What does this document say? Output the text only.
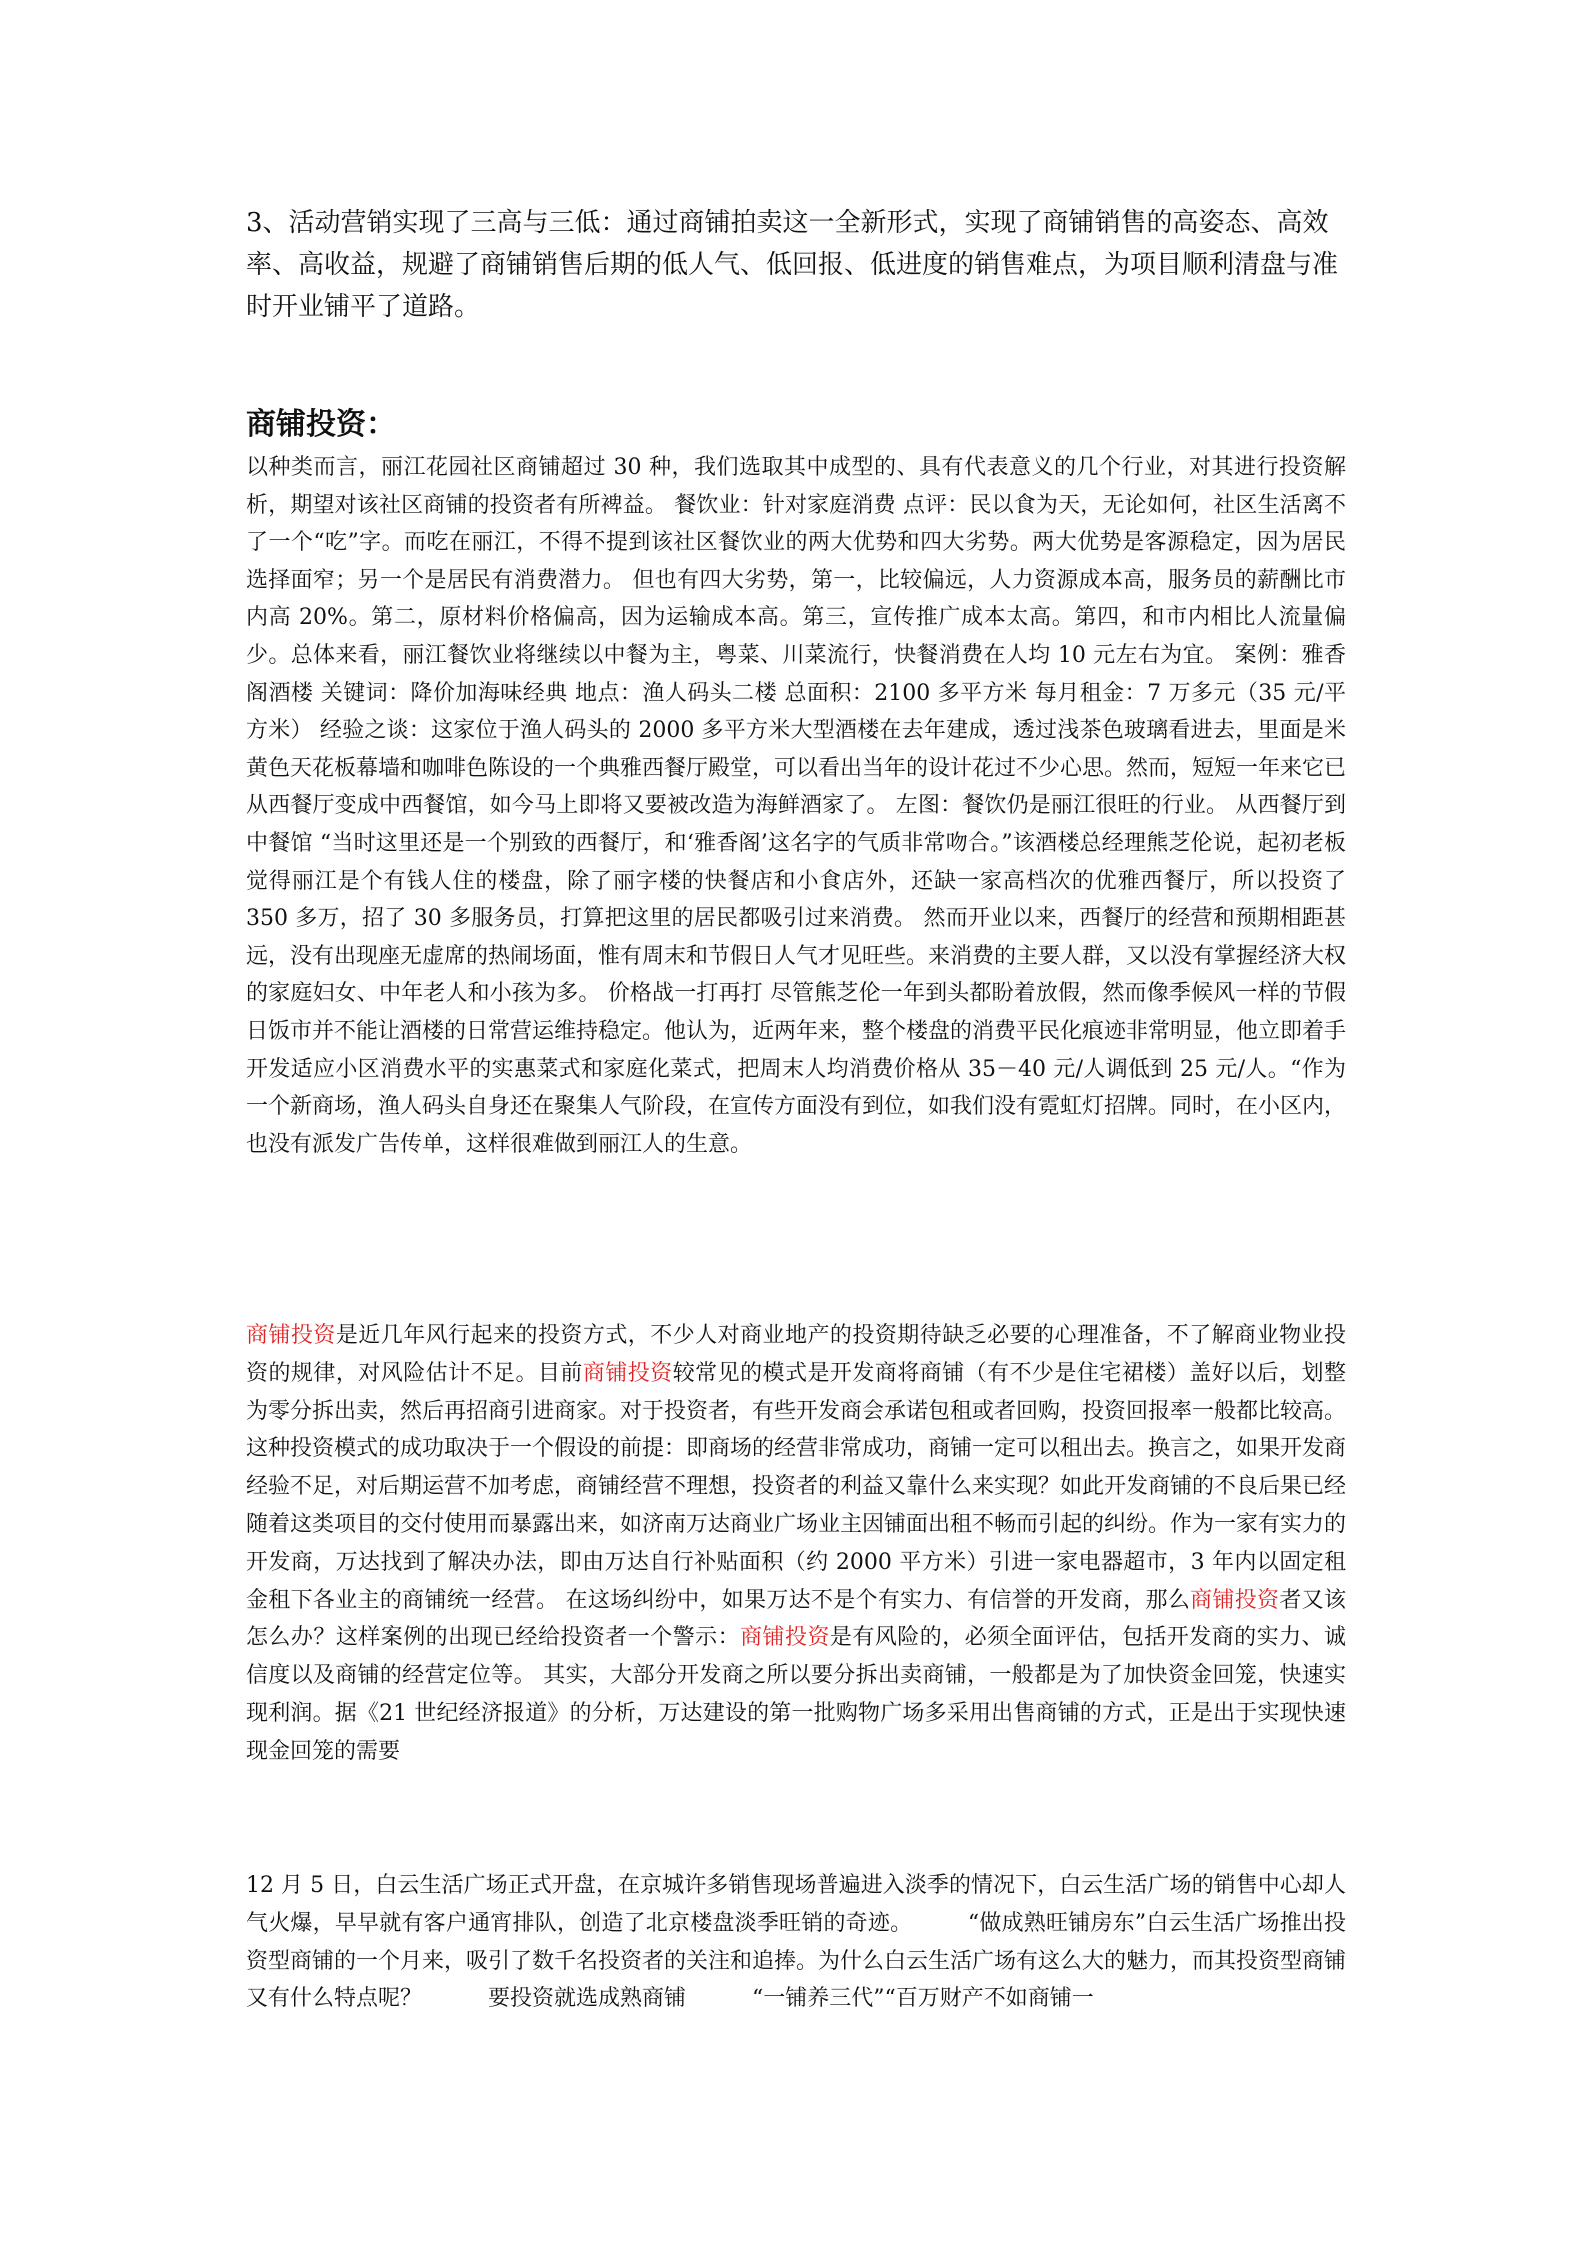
3、活动营销实现了三高与三低：通过商铺拍卖这一全新形式，实现了商铺销售的高姿态、高效率、高收益，规避了商铺销售后期的低人气、低回报、低进度的销售难点，为项目顺利清盘与准时开业铺平了道路。

商铺投资：

以种类而言，丽江花园社区商铺超过 30 种，我们选取其中成型的、具有代表意义的几个行业，对其进行投资解析，期望对该社区商铺的投资者有所裨益。 餐饮业：针对家庭消费 点评：民以食为天，无论如何，社区生活离不了一个“吃”字。而吃在丽江，不得不提到该社区餐饮业的两大优势和四大劣势。两大优势是客源稳定，因为居民选择面窄；另一个是居民有消费潜力。 但也有四大劣势，第一，比较偏远，人力资源成本高，服务员的薪酬比市内高 20%。第二，原材料价格偏高，因为运输成本高。第三，宣传推广成本太高。第四，和市内相比人流量偏少。总体来看，丽江餐饮业将继续以中餐为主，粤菜、川菜流行，快餐消费在人均 10 元左右为宜。 案例：雅香阁酒楼 关键词：降价加海味经典 地点：渔人码头二楼 总面积：2100 多平方米 每月租金：7 万多元（35 元/平方米） 经验之谈：这家位于渔人码头的 2000 多平方米大型酒楼在去年建成，透过浅茶色玻璃看进去，里面是米黄色天花板幕墙和咖啡色陈设的一个典雅西餐厅殿堂，可以看出当年的设计花过不少心思。然而，短短一年来它已从西餐厅变成中西餐馆，如今马上即将又要被改造为海鲜酒家了。 左图：餐饮仍是丽江很旺的行业。 从西餐厅到中餐馆 “当时这里还是一个别致的西餐厅，和‘雅香阁’这名字的气质非常吻合。”该酒楼总经理熊芝伦说，起初老板觉得丽江是个有钱人住的楼盘，除了丽字楼的快餐店和小食店外，还缺一家高档次的优雅西餐厅，所以投资了 350 多万，招了 30 多服务员，打算把这里的居民都吸引过来消费。 然而开业以来，西餐厅的经营和预期相距甚远，没有出现座无虚席的热闹场面，惟有周末和节假日人气才见旺些。来消费的主要人群，又以没有掌握经济大权的家庭妇女、中年老人和小孩为多。 价格战一打再打 尽管熊芝伦一年到头都盼着放假，然而像季候风一样的节假日饭市并不能让酒楼的日常营运维持稳定。他认为，近两年来，整个楼盘的消费平民化痕迹非常明显，他立即着手开发适应小区消费水平的实惠菜式和家庭化菜式，把周末人均消费价格从 35－40 元/人调低到 25 元/人。“作为一个新商场，渔人码头自身还在聚集人气阶段，在宣传方面没有到位，如我们没有霓虹灯招牌。同时，在小区内，也没有派发广告传单，这样很难做到丽江人的生意。

商铺投资是近几年风行起来的投资方式，不少人对商业地产的投资期待缺乏必要的心理准备，不了解商业物业投资的规律，对风险估计不足。目前商铺投资较常见的模式是开发商将商铺（有不少是住宅裙楼）盖好以后，划整为零分拆出卖，然后再招商引进商家。对于投资者，有些开发商会承诺包租或者回购，投资回报率一般都比较高。 这种投资模式的成功取决于一个假设的前提：即商场的经营非常成功，商铺一定可以租出去。换言之，如果开发商经验不足，对后期运营不加考虑，商铺经营不理想，投资者的利益又靠什么来实现？如此开发商铺的不良后果已经随着这类项目的交付使用而暴露出来，如济南万达商业广场业主因铺面出租不畅而引起的纠纷。作为一家有实力的开发商，万达找到了解决办法，即由万达自行补贴面积（约 2000 平方米）引进一家电器超市，3 年内以固定租金租下各业主的商铺统一经营。 在这场纠纷中，如果万达不是个有实力、有信誉的开发商，那么商铺投资者又该怎么办？这样案例的出现已经给投资者一个警示：商铺投资是有风险的，必须全面评估，包括开发商的实力、诚信度以及商铺的经营定位等。 其实，大部分开发商之所以要分拆出卖商铺，一般都是为了加快资金回笼，快速实现利润。据《21 世纪经济报道》的分析，万达建设的第一批购物广场多采用出售商铺的方式，正是出于实现快速现金回笼的需要

12 月 5 日，白云生活广场正式开盘，在京城许多销售现场普遍进入淡季的情况下，白云生活广场的销售中心却人气火爆，早早就有客户通宵排队，创造了北京楼盘淡季旺销的奇迹。　　　“做成熟旺铺房东”白云生活广场推出投资型商铺的一个月来，吸引了数千名投资者的关注和追捧。为什么白云生活广场有这么大的魅力，而其投资型商铺又有什么特点呢？　　　要投资就选成熟商铺　　　“一铺养三代”“百万财产不如商铺一
